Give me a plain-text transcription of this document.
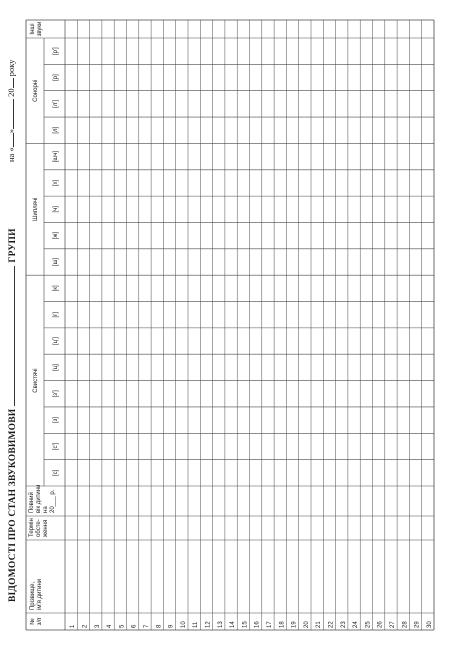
ВІДОМОСТІ ПРО СТАН ЗВУКОВИМОВИГРУПИ
на «» 20 року
№ з/п
Прізвище, ім'я дитини
Термін обсте- ження
Повний вік дитини на 20___ р.
Свистячі
Шиплячі
Сонорні
Інші звуки
[с]
[с']
[з]
[з']
[ц]
[ц']
[г]
[к]
[ш]
[ж]
[ч]
[х]
[шч]
[л]
[л']
[р]
[р']
1 2 3 4 5 6 7 8 9 10 11 12 13 14 15 16 17 18 19 20 21 22 23 24 25 26 27 28 29 30
